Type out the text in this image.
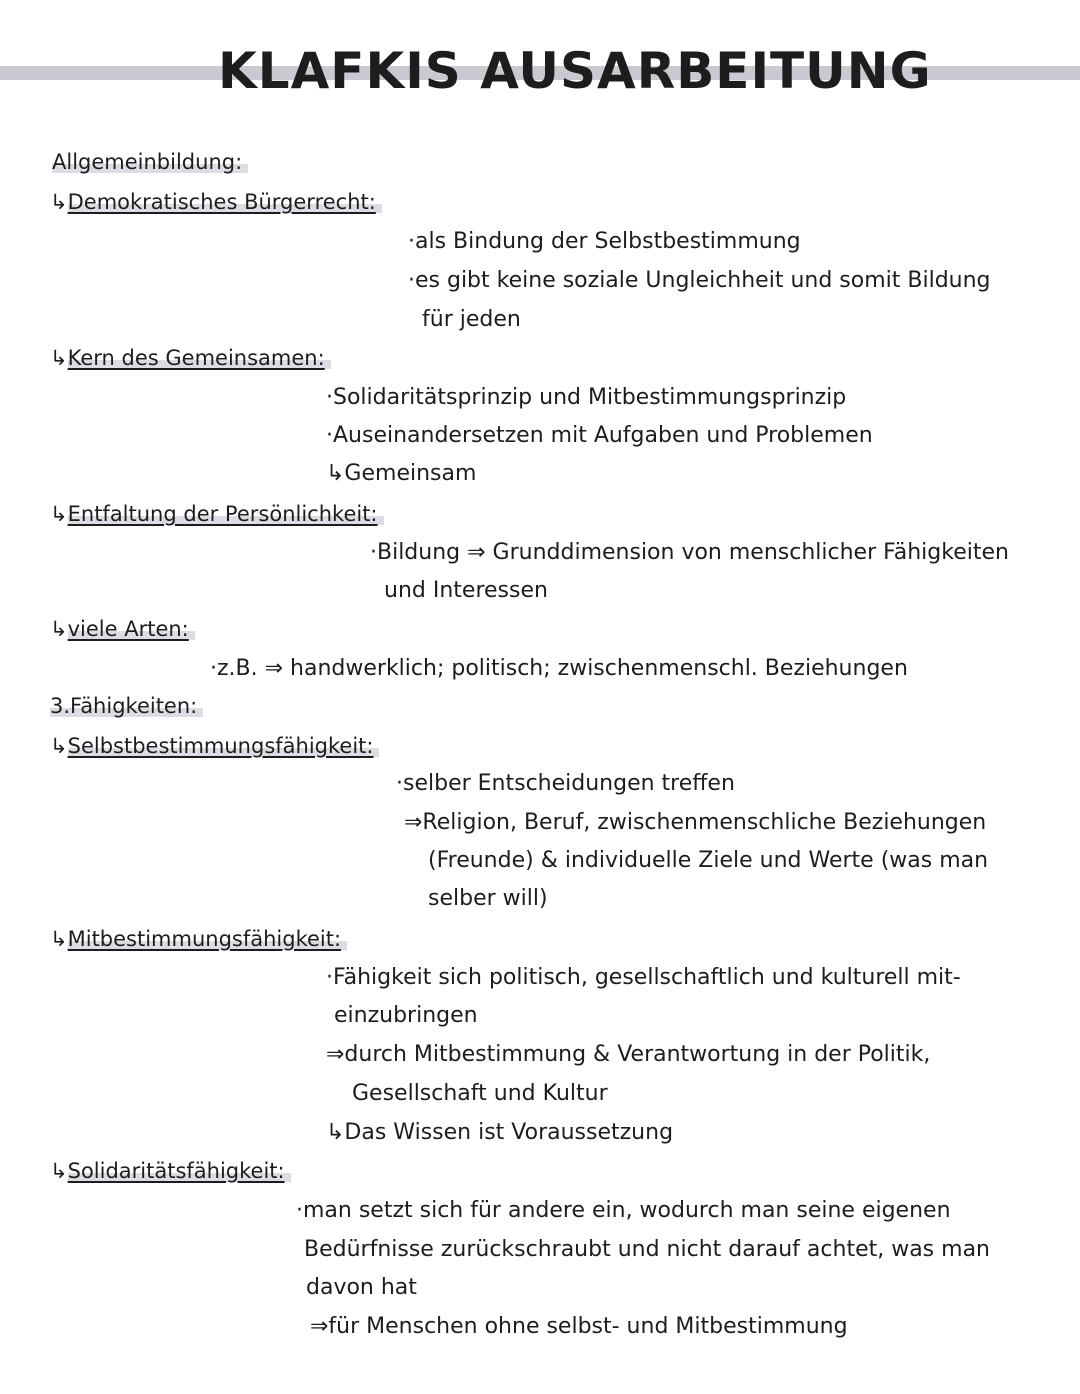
KLAFKIS AUSARBEITUNG
Allgemeinbildung:
↳Demokratisches Bürgerrecht:
·als Bindung der Selbstbestimmung
·es gibt keine soziale Ungleichheit und somit Bildung
für jeden
↳Kern des Gemeinsamen:
·Solidaritätsprinzip und Mitbestimmungsprinzip
·Auseinandersetzen mit Aufgaben und Problemen
↳Gemeinsam
↳Entfaltung der Persönlichkeit:
·Bildung ⇒ Grunddimension von menschlicher Fähigkeiten
und Interessen
↳viele Arten:
·z.B. ⇒ handwerklich; politisch; zwischenmenschl. Beziehungen
3.Fähigkeiten:
↳Selbstbestimmungsfähigkeit:
·selber Entscheidungen treffen
⇒Religion, Beruf, zwischenmenschliche Beziehungen
(Freunde) & individuelle Ziele und Werte (was man
selber will)
↳Mitbestimmungsfähigkeit:
·Fähigkeit sich politisch, gesellschaftlich und kulturell mit-
einzubringen
⇒durch Mitbestimmung & Verantwortung in der Politik,
Gesellschaft und Kultur
↳Das Wissen ist Voraussetzung
↳Solidaritätsfähigkeit:
·man setzt sich für andere ein, wodurch man seine eigenen
Bedürfnisse zurückschraubt und nicht darauf achtet, was man
davon hat
⇒für Menschen ohne selbst- und Mitbestimmung
